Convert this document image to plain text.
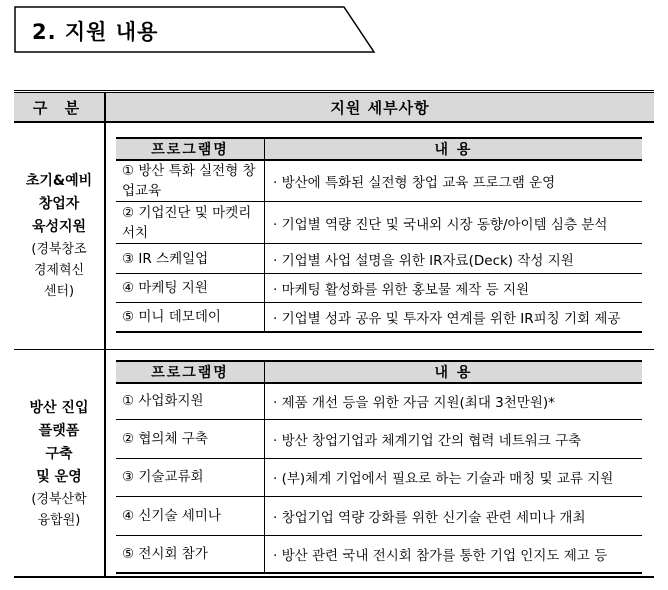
2. 지원 내용
구 분	지원 세부사항
초기&예비
창업자
육성지원
(경북창조
경제혁신
센터)
프로그램명	내 용
① 방산 특화 실전형 창업교육	· 방산에 특화된 실전형 창업 교육 프로그램 운영
② 기업진단 및 마켓리서치	· 기업별 역량 진단 및 국내외 시장 동향/아이템 심층 분석
③ IR 스케일업	· 기업별 사업 설명을 위한 IR자료(Deck) 작성 지원
④ 마케팅 지원	· 마케팅 활성화를 위한 홍보물 제작 등 지원
⑤ 미니 데모데이	· 기업별 성과 공유 및 투자자 연계를 위한 IR피칭 기회 제공
방산 진입
플랫폼
구축
및 운영
(경북산학
융합원)
프로그램명	내 용
① 사업화지원	· 제품 개선 등을 위한 자금 지원(최대 3천만원)*
② 협의체 구축	· 방산 창업기업과 체계기업 간의 협력 네트워크 구축
③ 기술교류회	· (부)체계 기업에서 필요로 하는 기술과 매칭 및 교류 지원
④ 신기술 세미나	· 창업기업 역량 강화를 위한 신기술 관련 세미나 개최
⑤ 전시회 참가	· 방산 관련 국내 전시회 참가를 통한 기업 인지도 제고 등
